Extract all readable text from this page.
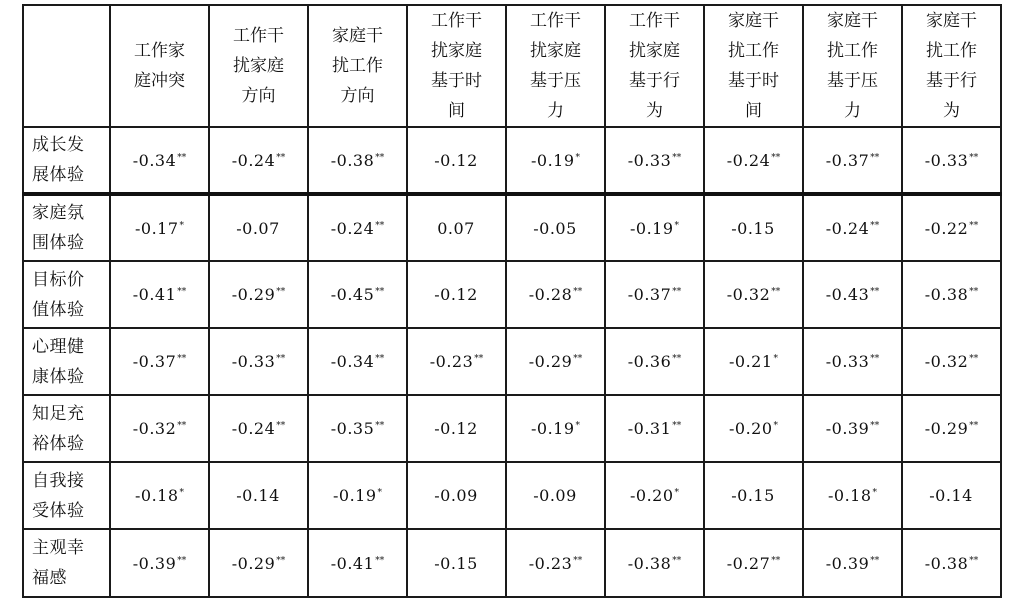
	工作家庭冲突	工作干扰家庭方向	家庭干扰工作方向	工作干扰家庭基于时间	工作干扰家庭基于压力	工作干扰家庭基于行为	家庭干扰工作基于时间	家庭干扰工作基于压力	家庭干扰工作基于行为
成长发展体验	-0.34**	-0.24**	-0.38**	-0.12	-0.19*	-0.33**	-0.24**	-0.37**	-0.33**
家庭氛围体验	-0.17*	-0.07	-0.24**	0.07	-0.05	-0.19*	-0.15	-0.24**	-0.22**
目标价值体验	-0.41**	-0.29**	-0.45**	-0.12	-0.28**	-0.37**	-0.32**	-0.43**	-0.38**
心理健康体验	-0.37**	-0.33**	-0.34**	-0.23**	-0.29**	-0.36**	-0.21*	-0.33**	-0.32**
知足充裕体验	-0.32**	-0.24**	-0.35**	-0.12	-0.19*	-0.31**	-0.20*	-0.39**	-0.29**
自我接受体验	-0.18*	-0.14	-0.19*	-0.09	-0.09	-0.20*	-0.15	-0.18*	-0.14
主观幸福感	-0.39**	-0.29**	-0.41**	-0.15	-0.23**	-0.38**	-0.27**	-0.39**	-0.38**
